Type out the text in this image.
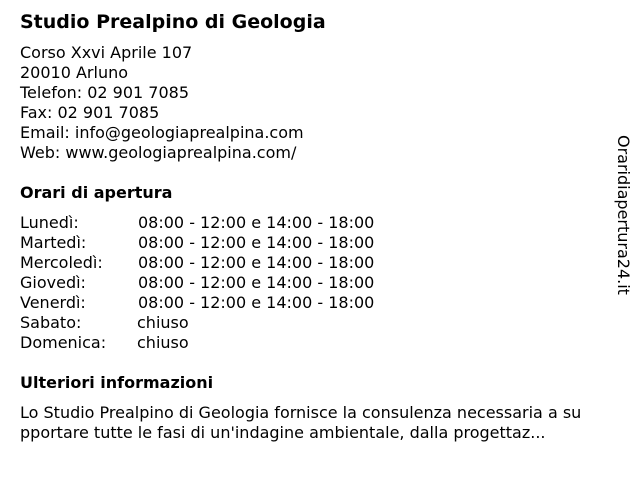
Studio Prealpino di Geologia
Corso Xxvi Aprile 107
20010 Arluno
Telefon: 02 901 7085
Fax: 02 901 7085
Email: info@geologiaprealpina.com
Web: www.geologiaprealpina.com/
Orari di apertura
Lunedì:	08:00 - 12:00 e 14:00 - 18:00
Martedì:	08:00 - 12:00 e 14:00 - 18:00
Mercoledì: 08:00 - 12:00 e 14:00 - 18:00
Giovedì:	08:00 - 12:00 e 14:00 - 18:00
Venerdì:	08:00 - 12:00 e 14:00 - 18:00
Sabato:	chiuso
Domenica: chiuso
Ulteriori informazioni
Lo Studio Prealpino di Geologia fornisce la consulenza necessaria a su
pportare tutte le fasi di un'indagine ambientale, dalla progettaz...
Oraridiapertura24.it
